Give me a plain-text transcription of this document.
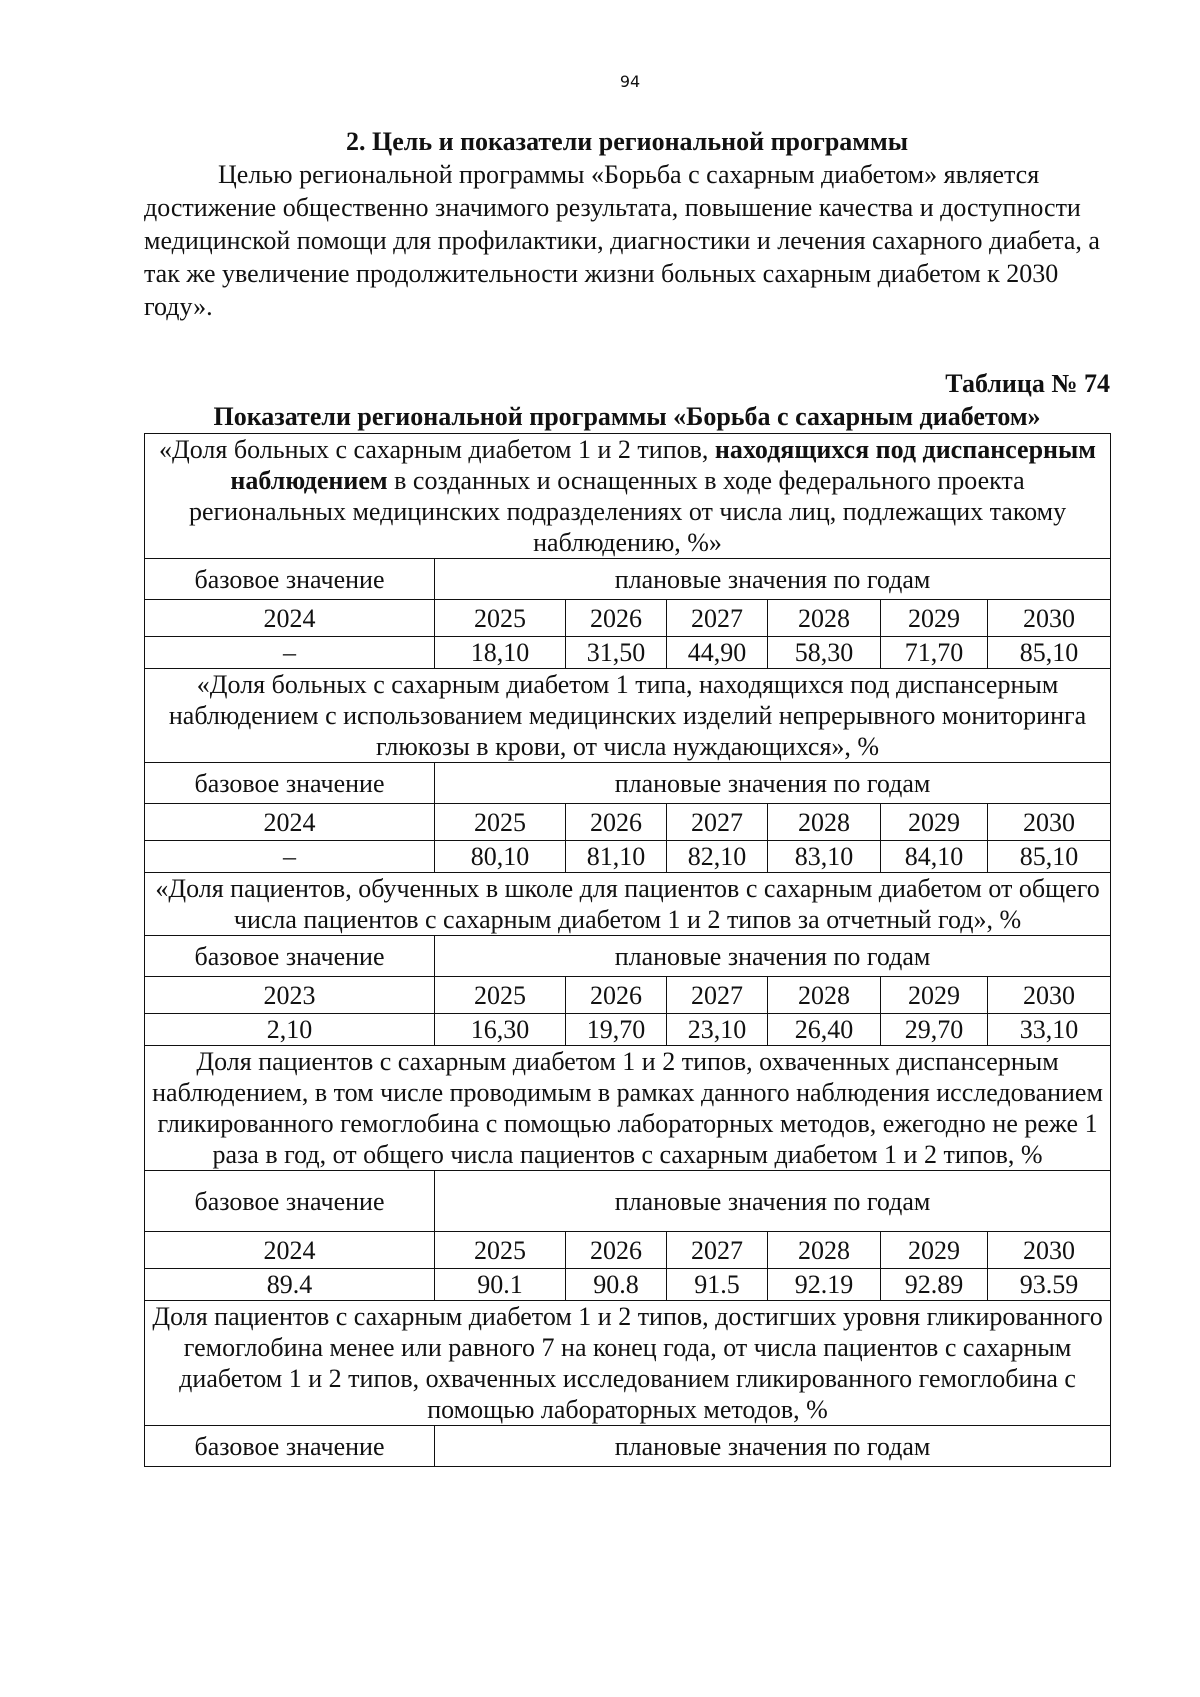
94

2. Цель и показатели региональной программы

Целью региональной программы «Борьба с сахарным диабетом» является достижение общественно значимого результата, повышение качества и доступности медицинской помощи для профилактики, диагностики и лечения сахарного диабета, а так же увеличение продолжительности жизни больных сахарным диабетом к 2030 году».

Таблица № 74

Показатели региональной программы «Борьба с сахарным диабетом»

«Доля больных с сахарным диабетом 1 и 2 типов, находящихся под диспансерным наблюдением в созданных и оснащенных в ходе федерального проекта региональных медицинских подразделениях от числа лиц, подлежащих такому наблюдению, %»						
базовое значение	плановые значения по годам					
2024	2025	2026	2027	2028	2029	2030
–	18,10	31,50	44,90	58,30	71,70	85,10
«Доля больных с сахарным диабетом 1 типа, находящихся под диспансерным наблюдением с использованием медицинских изделий непрерывного мониторинга глюкозы в крови, от числа нуждающихся», %						
базовое значение	плановые значения по годам					
2024	2025	2026	2027	2028	2029	2030
–	80,10	81,10	82,10	83,10	84,10	85,10
«Доля пациентов, обученных в школе для пациентов с сахарным диабетом от общего числа пациентов с сахарным диабетом 1 и 2 типов за отчетный год», %						
базовое значение	плановые значения по годам					
2023	2025	2026	2027	2028	2029	2030
2,10	16,30	19,70	23,10	26,40	29,70	33,10
Доля пациентов с сахарным диабетом 1 и 2 типов, охваченных диспансерным наблюдением, в том числе проводимым в рамках данного наблюдения исследованием гликированного гемоглобина с помощью лабораторных методов, ежегодно не реже 1 раза в год, от общего числа пациентов с сахарным диабетом 1 и 2 типов, %						
базовое значение	плановые значения по годам					
2024	2025	2026	2027	2028	2029	2030
89.4	90.1	90.8	91.5	92.19	92.89	93.59
Доля пациентов с сахарным диабетом 1 и 2 типов, достигших уровня гликированного гемоглобина менее или равного 7 на конец года, от числа пациентов с сахарным диабетом 1 и 2 типов, охваченных исследованием гликированного гемоглобина с помощью лабораторных методов, %						
базовое значение	плановые значения по годам					
